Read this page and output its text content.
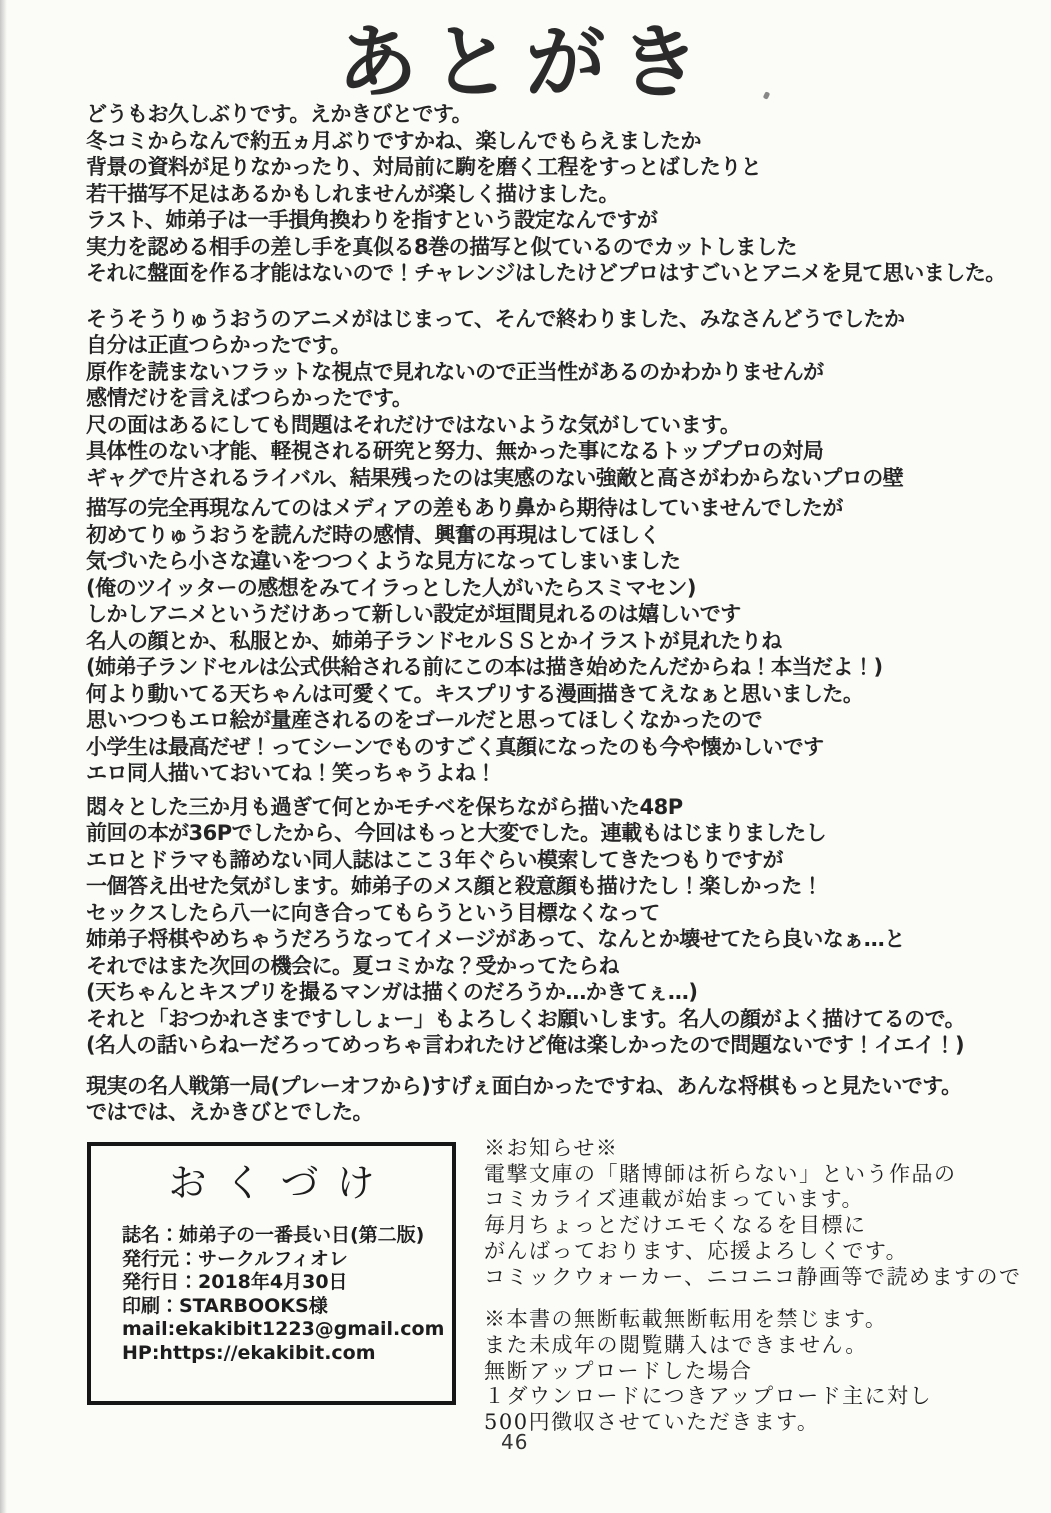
あとがき
どうもお久しぶりです。えかきびとです。
冬コミからなんで約五ヵ月ぶりですかね、楽しんでもらえましたか
背景の資料が足りなかったり、対局前に駒を磨く工程をすっとばしたりと
若干描写不足はあるかもしれませんが楽しく描けました。
ラスト、姉弟子は一手損角換わりを指すという設定なんですが
実力を認める相手の差し手を真似る8巻の描写と似ているのでカットしました
それに盤面を作る才能はないので！チャレンジはしたけどプロはすごいとアニメを見て思いました。
そうそうりゅうおうのアニメがはじまって、そんで終わりました、みなさんどうでしたか
自分は正直つらかったです。
原作を読まないフラットな視点で見れないので正当性があるのかわかりませんが
感情だけを言えばつらかったです。
尺の面はあるにしても問題はそれだけではないような気がしています。
具体性のない才能、軽視される研究と努力、無かった事になるトッププロの対局
ギャグで片されるライバル、結果残ったのは実感のない強敵と高さがわからないプロの壁
描写の完全再現なんてのはメディアの差もあり鼻から期待はしていませんでしたが
初めてりゅうおうを読んだ時の感情、興奮の再現はしてほしく
気づいたら小さな違いをつつくような見方になってしまいました
(俺のツイッターの感想をみてイラっとした人がいたらスミマセン)
しかしアニメというだけあって新しい設定が垣間見れるのは嬉しいです
名人の顔とか、私服とか、姉弟子ランドセルＳＳとかイラストが見れたりね
(姉弟子ランドセルは公式供給される前にこの本は描き始めたんだからね！本当だよ！)
何より動いてる天ちゃんは可愛くて。キスプリする漫画描きてえなぁと思いました。
思いつつもエロ絵が量産されるのをゴールだと思ってほしくなかったので
小学生は最高だぜ！ってシーンでものすごく真顔になったのも今や懐かしいです
エロ同人描いておいてね！笑っちゃうよね！
悶々とした三か月も過ぎて何とかモチベを保ちながら描いた48P
前回の本が36Pでしたから、今回はもっと大変でした。連載もはじまりましたし
エロとドラマも諦めない同人誌はここ３年ぐらい模索してきたつもりですが
一個答え出せた気がします。姉弟子のメス顔と殺意顔も描けたし！楽しかった！
セックスしたら八一に向き合ってもらうという目標なくなって
姉弟子将棋やめちゃうだろうなってイメージがあって、なんとか壊せてたら良いなぁ…と
それではまた次回の機会に。夏コミかな？受かってたらね
(天ちゃんとキスプリを撮るマンガは描くのだろうか…かきてぇ…)
それと「おつかれさまですししょー」もよろしくお願いします。名人の顔がよく描けてるので。
(名人の話いらねーだろってめっちゃ言われたけど俺は楽しかったので問題ないです！イエイ！)
現実の名人戦第一局(プレーオフから)すげぇ面白かったですね、あんな将棋もっと見たいです。
ではでは、えかきびとでした。
おくづけ
誌名：姉弟子の一番長い日(第二版)
発行元：サークルフィオレ
発行日：2018年4月30日
印刷：STARBOOKS様
mail:ekakibit1223@gmail.com
HP:https://ekakibit.com
※お知らせ※
電撃文庫の「賭博師は祈らない」という作品の
コミカライズ連載が始まっています。
毎月ちょっとだけエモくなるを目標に
がんばっております、応援よろしくです。
コミックウォーカー、ニコニコ静画等で読めますので
※本書の無断転載無断転用を禁じます。
また未成年の閲覧購入はできません。
無断アップロードした場合
１ダウンロードにつきアップロード主に対し
500円徴収させていただきます。
46
